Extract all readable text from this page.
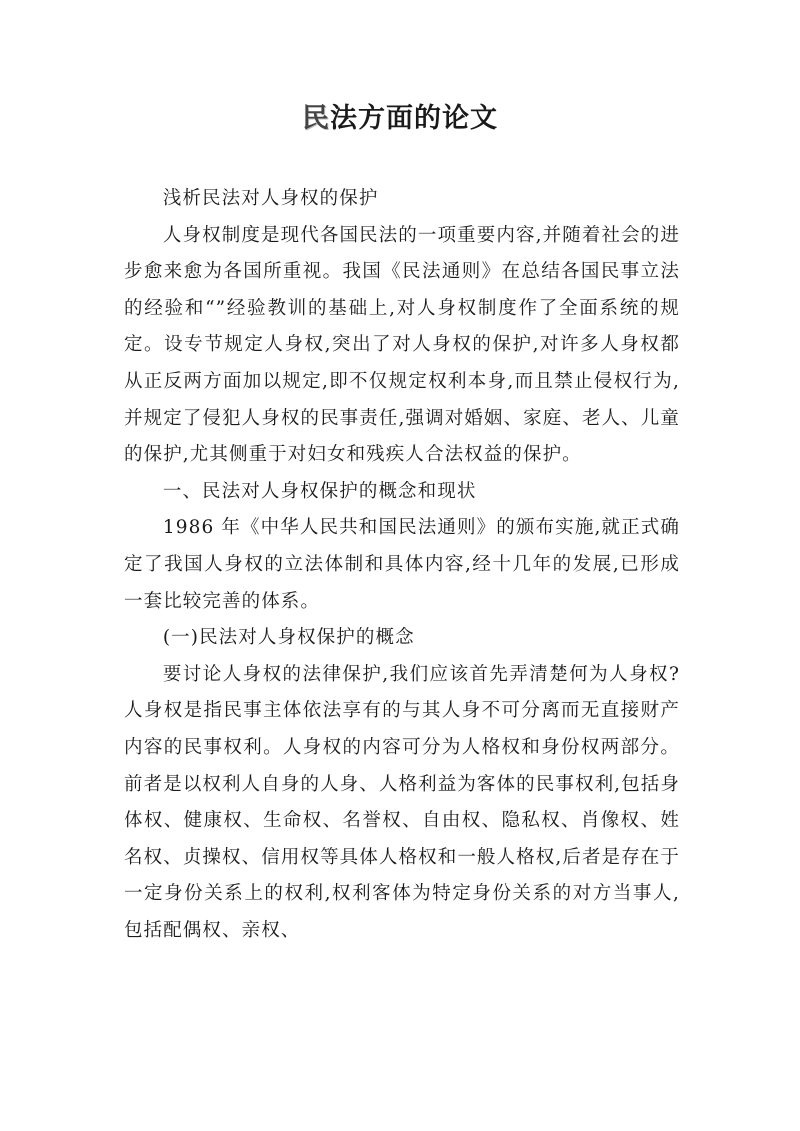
民法方面的论文

浅析民法对人身权的保护

人身权制度是现代各国民法的一项重要内容,并随着社会的进步愈来愈为各国所重视。我国《民法通则》在总结各国民事立法的经验和“”经验教训的基础上,对人身权制度作了全面系统的规定。设专节规定人身权,突出了对人身权的保护,对许多人身权都从正反两方面加以规定,即不仅规定权利本身,而且禁止侵权行为,并规定了侵犯人身权的民事责任,强调对婚姻、家庭、老人、儿童的保护,尤其侧重于对妇女和残疾人合法权益的保护。

一、民法对人身权保护的概念和现状

1986 年《中华人民共和国民法通则》的颁布实施,就正式确定了我国人身权的立法体制和具体内容,经十几年的发展,已形成一套比较完善的体系。

(一)民法对人身权保护的概念

要讨论人身权的法律保护,我们应该首先弄清楚何为人身权?人身权是指民事主体依法享有的与其人身不可分离而无直接财产内容的民事权利。人身权的内容可分为人格权和身份权两部分。前者是以权利人自身的人身、人格利益为客体的民事权利,包括身体权、健康权、生命权、名誉权、自由权、隐私权、肖像权、姓名权、贞操权、信用权等具体人格权和一般人格权,后者是存在于一定身份关系上的权利,权利客体为特定身份关系的对方当事人,包括配偶权、亲权、
